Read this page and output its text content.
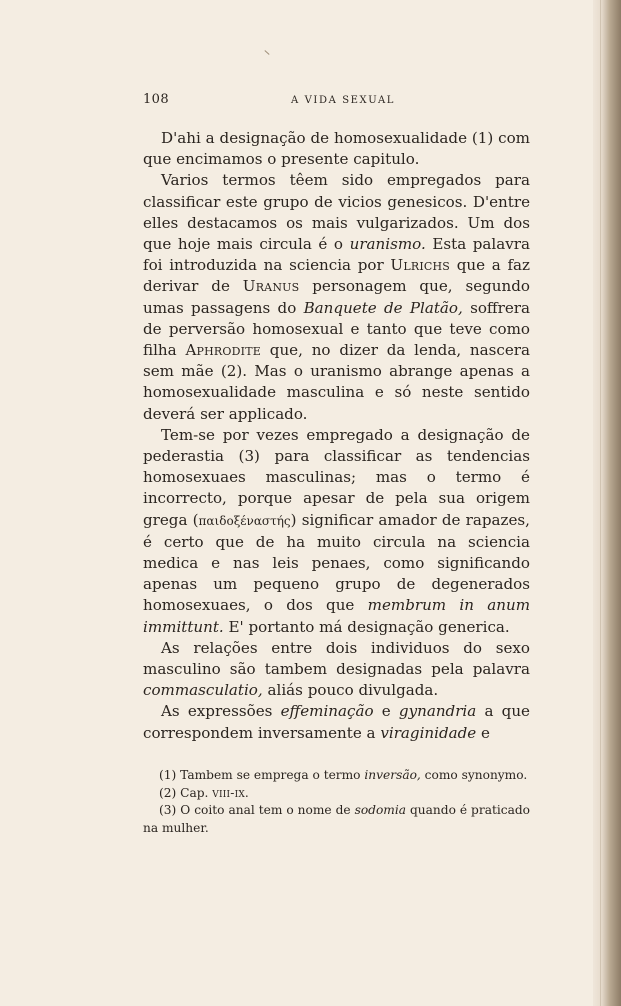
108	A VIDA SEXUAL

D'ahi a designação de homosexualidade (1) com que encimamos o presente capitulo.

Varios termos têem sido empregados para classificar este grupo de vicios genesicos. D'entre elles destacamos os mais vulgarizados. Um dos que hoje mais circula é o uranismo. Esta palavra foi introduzida na sciencia por Ulrichs que a faz derivar de Uranus personagem que, segundo umas passagens do Banquete de Platão, soffrera de perversão homosexual e tanto que teve como filha Aphrodite que, no dizer da lenda, nascera sem mãe (2). Mas o uranismo abrange apenas a homosexualidade masculina e só neste sentido deverá ser applicado.

Tem-se por vezes empregado a designação de pederastia (3) para classificar as tendencias homosexuaes masculinas; mas o termo é incorrecto, porque apesar de pela sua origem grega (παιδοξέναστής) significar amador de rapazes, é certo que de ha muito circula na sciencia medica e nas leis penaes, como significando apenas um pequeno grupo de degenerados homosexuaes, o dos que membrum in anum immittunt. E' portanto má designação generica.

As relações entre dois individuos do sexo masculino são tambem designadas pela palavra commasculatio, aliás pouco divulgada.

As expressões effeminação e gynandria a que correspondem inversamente a viraginidade e

(1) Tambem se emprega o termo inversão, como synonymo.

(2) Cap. viii-ix.

(3) O coito anal tem o nome de sodomia quando é praticado na mulher.
